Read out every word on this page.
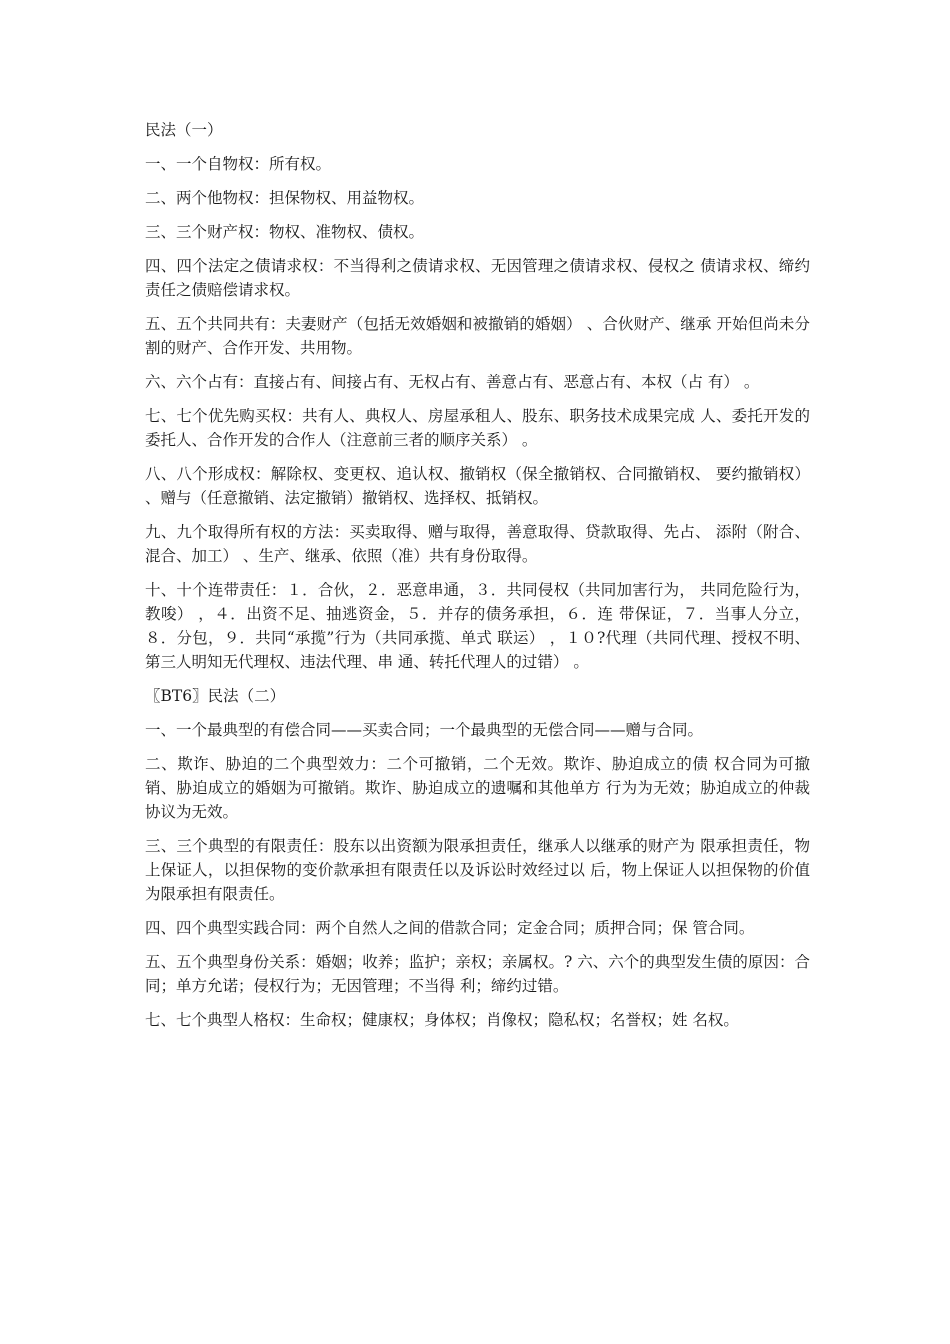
民法（一）

一、一个自物权：所有权。

二、两个他物权：担保物权、用益物权。

三、三个财产权：物权、准物权、债权。

四、四个法定之债请求权：不当得利之债请求权、无因管理之债请求权、侵权之 债请求权、缔约责任之债赔偿请求权。

五、五个共同共有：夫妻财产（包括无效婚姻和被撤销的婚姻） 、合伙财产、继承 开始但尚未分割的财产、合作开发、共用物。

六、六个占有：直接占有、间接占有、无权占有、善意占有、恶意占有、本权（占 有） 。

七、七个优先购买权：共有人、典权人、房屋承租人、股东、职务技术成果完成 人、委托开发的委托人、合作开发的合作人（注意前三者的顺序关系） 。

八、八个形成权：解除权、变更权、追认权、撤销权（保全撤销权、合同撤销权、 要约撤销权） 、赠与（任意撤销、法定撤销）撤销权、选择权、抵销权。

九、九个取得所有权的方法：买卖取得、赠与取得，善意取得、贷款取得、先占、 添附（附合、混合、加工） 、生产、继承、依照（准）共有身份取得。

十、十个连带责任：１．合伙，２．恶意串通，３．共同侵权（共同加害行为， 共同危险行为，教唆） ，４．出资不足、抽逃资金，５．并存的债务承担，６．连 带保证，７．当事人分立，８．分包，９．共同“承揽”行为（共同承揽、单式 联运） ，１０?代理（共同代理、授权不明、第三人明知无代理权、违法代理、串 通、转托代理人的过错） 。

〖BT6〗民法（二）

一、一个最典型的有偿合同——买卖合同；一个最典型的无偿合同——赠与合同。

二、欺诈、胁迫的二个典型效力：二个可撤销，二个无效。欺诈、胁迫成立的债 权合同为可撤销、胁迫成立的婚姻为可撤销。欺诈、胁迫成立的遗嘱和其他单方 行为为无效；胁迫成立的仲裁协议为无效。

三、三个典型的有限责任：股东以出资额为限承担责任，继承人以继承的财产为 限承担责任，物上保证人，以担保物的变价款承担有限责任以及诉讼时效经过以 后，物上保证人以担保物的价值为限承担有限责任。

四、四个典型实践合同：两个自然人之间的借款合同；定金合同；质押合同；保 管合同。

五、五个典型身份关系：婚姻；收养；监护；亲权；亲属权。? 六、六个的典型发生债的原因：合同；单方允诺；侵权行为；无因管理；不当得 利；缔约过错。

七、七个典型人格权：生命权；健康权；身体权；肖像权；隐私权；名誉权；姓 名权。
